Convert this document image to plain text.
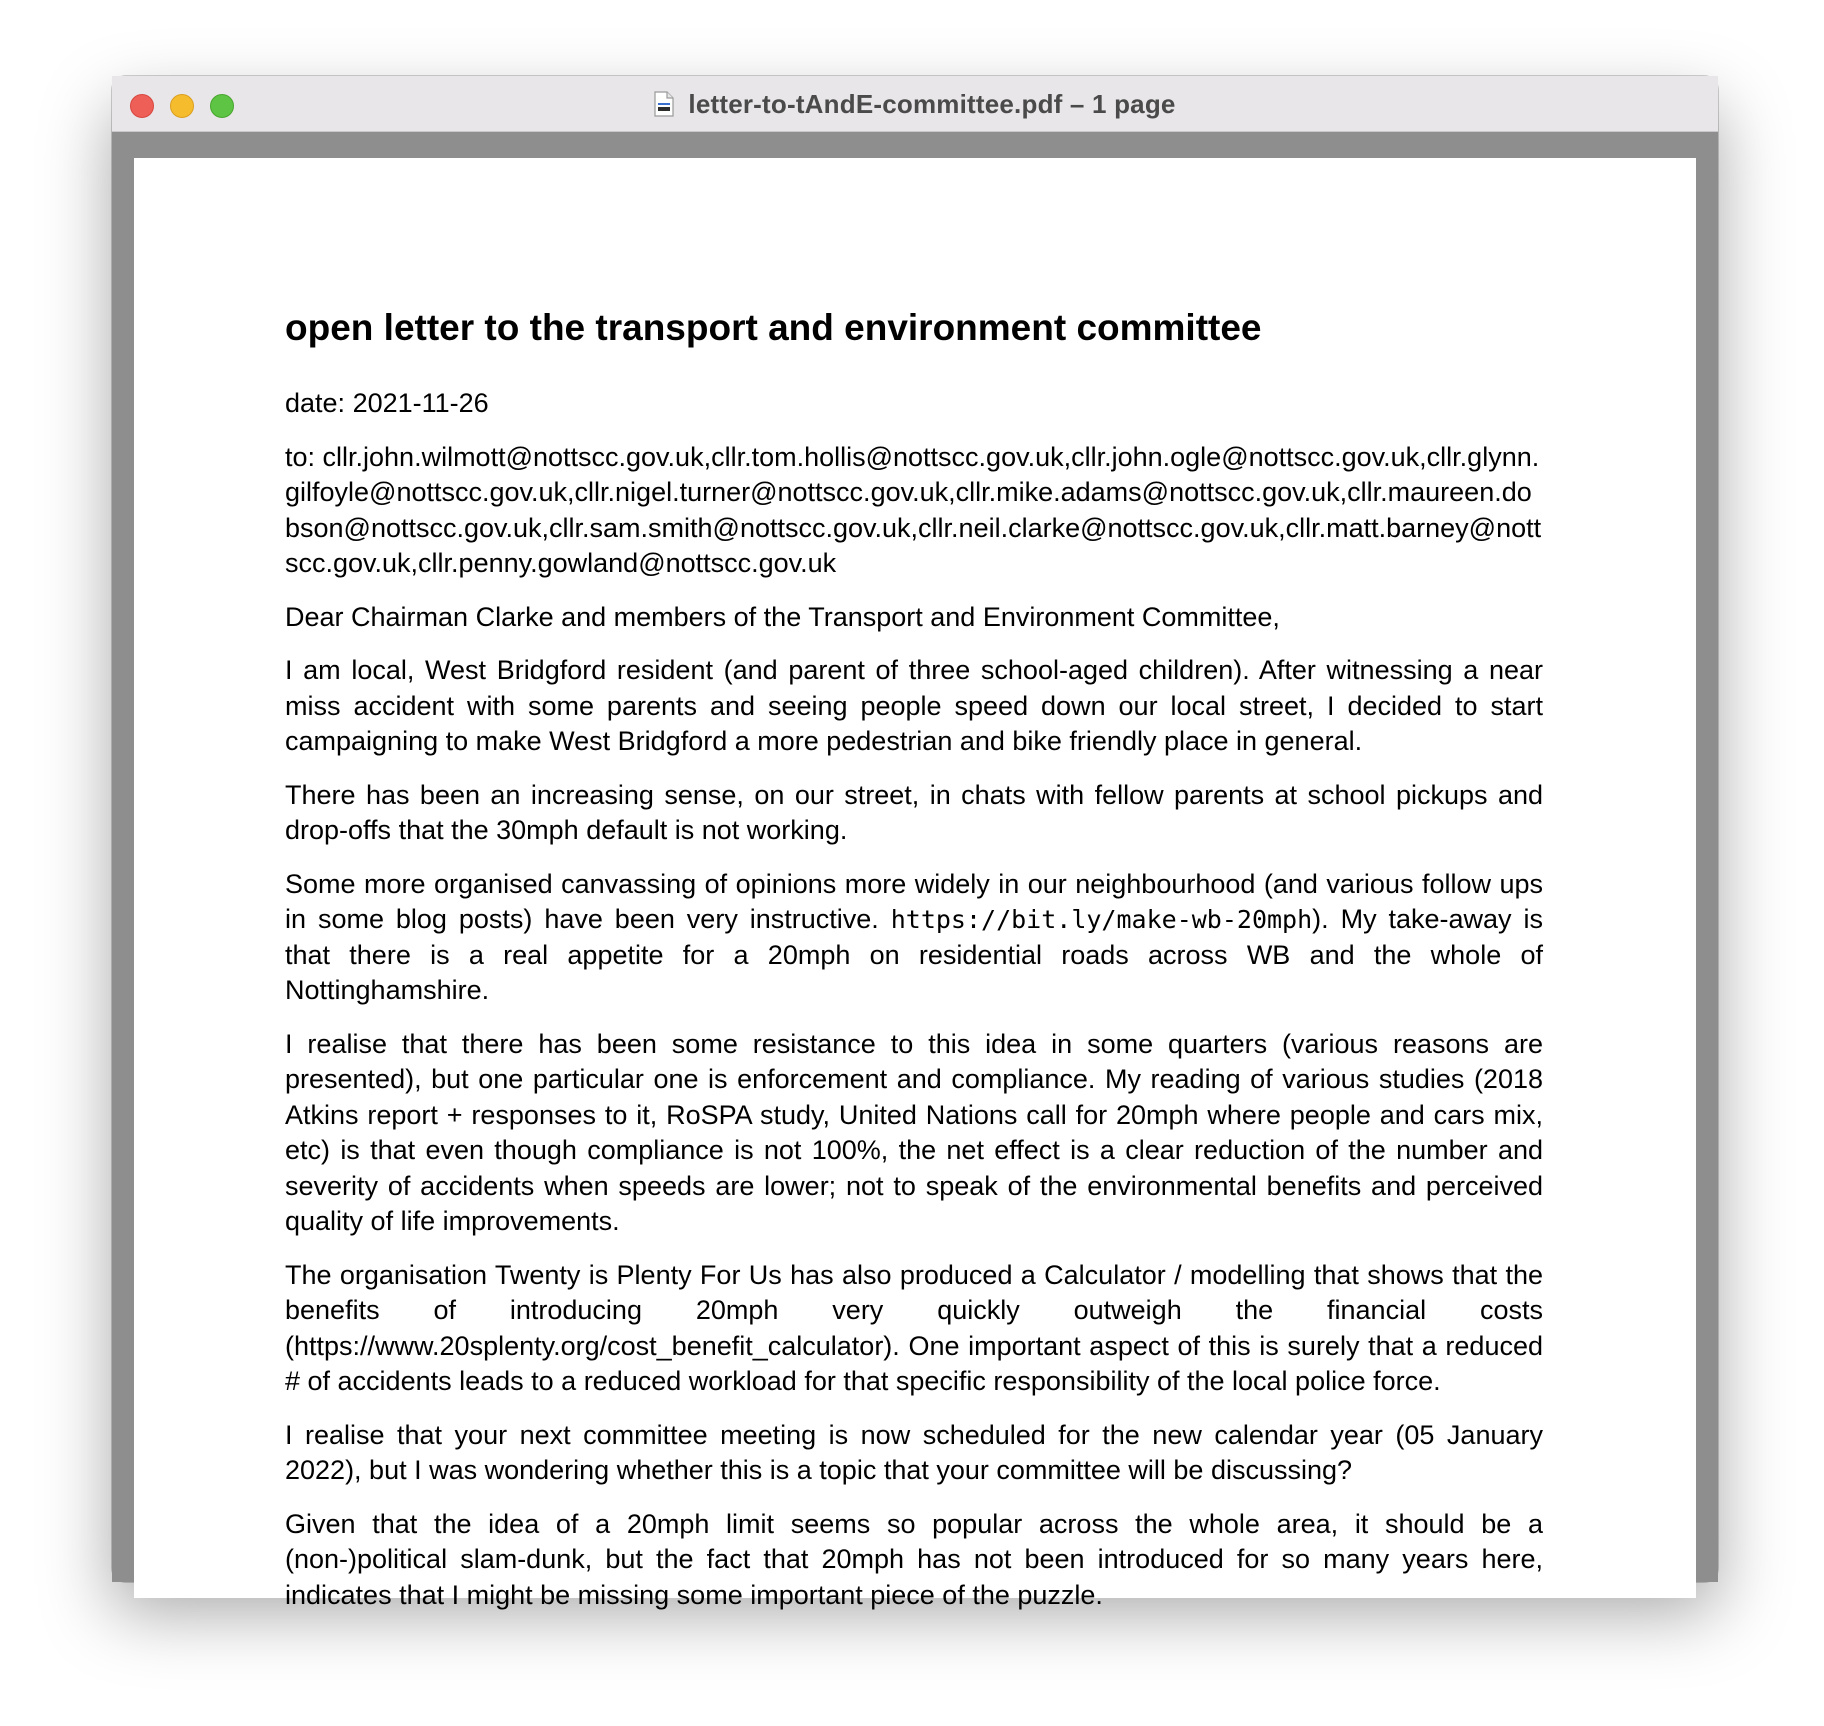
letter-to-tAndE-committee.pdf – 1 page
open letter to the transport and environment committee

date: 2021-11-26

to: cllr.john.wilmott@nottscc.gov.uk,cllr.tom.hollis@nottscc.gov.uk,cllr.john.ogle@nottscc.gov.uk,cllr.glynn.gilfoyle@nottscc.gov.uk,cllr.nigel.turner@nottscc.gov.uk,cllr.mike.adams@nottscc.gov.uk,cllr.maureen.dobson@nottscc.gov.uk,cllr.sam.smith@nottscc.gov.uk,cllr.neil.clarke@nottscc.gov.uk,cllr.matt.barney@nottscc.gov.uk,cllr.penny.gowland@nottscc.gov.uk

Dear Chairman Clarke and members of the Transport and Environment Committee,

I am local, West Bridgford resident (and parent of three school-aged children). After witnessing a near miss accident with some parents and seeing people speed down our local street, I decided to start campaigning to make West Bridgford a more pedestrian and bike friendly place in general.

There has been an increasing sense, on our street, in chats with fellow parents at school pickups and drop-offs that the 30mph default is not working.

Some more organised canvassing of opinions more widely in our neighbourhood (and various follow ups in some blog posts) have been very instructive. https://bit.ly/make-wb-20mph). My take-away is that there is a real appetite for a 20mph on residential roads across WB and the whole of Nottinghamshire.

I realise that there has been some resistance to this idea in some quarters (various reasons are presented), but one particular one is enforcement and compliance. My reading of various studies (2018 Atkins report + responses to it, RoSPA study, United Nations call for 20mph where people and cars mix, etc) is that even though compliance is not 100%, the net effect is a clear reduction of the number and severity of accidents when speeds are lower; not to speak of the environmental benefits and perceived quality of life improvements.

The organisation Twenty is Plenty For Us has also produced a Calculator / modelling that shows that the benefits of introducing 20mph very quickly outweigh the financial costs (https://www.20splenty.org/cost_benefit_calculator). One important aspect of this is surely that a reduced # of accidents leads to a reduced workload for that specific responsibility of the local police force.

I realise that your next committee meeting is now scheduled for the new calendar year (05 January 2022), but I was wondering whether this is a topic that your committee will be discussing?

Given that the idea of a 20mph limit seems so popular across the whole area, it should be a (non-)political slam-dunk, but the fact that 20mph has not been introduced for so many years here, indicates that I might be missing some important piece of the puzzle.
